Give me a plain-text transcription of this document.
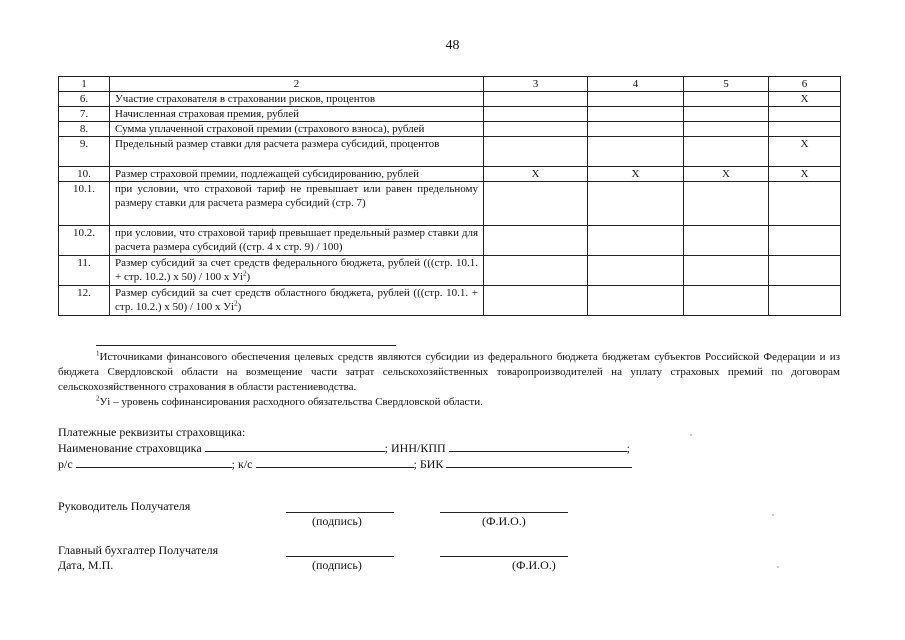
48
1	2	3	4	5	6
6.	Участие страхователя в страховании рисков, процентов				X
7.	Начисленная страховая премия, рублей				
8.	Сумма уплаченной страховой премии (страхового взноса), рублей				
9.	Предельный размер ставки для расчета размера субсидий, процентов				X
10.	Размер страховой премии, подлежащей субсидированию, рублей	X	X	X	X
10.1.	при условии, что страховой тариф не превышает или равен предельному размеру ставки для расчета размера субсидий (стр. 7)				
10.2.	при условии, что страховой тариф превышает предельный размер ставки для расчета размера субсидий ((стр. 4 х стр. 9) / 100)				
11.	Размер субсидий за счет средств федерального бюджета, рублей (((стр. 10.1. + стр. 10.2.) х 50) / 100 х $Уi^2$)				
12.	Размер субсидий за счет средств областного бюджета, рублей (((стр. 10.1. + стр. 10.2.) х 50) / 100 х $Уi^2$)				

$^1$Источниками финансового обеспечения целевых средств являются субсидии из федерального бюджета бюджетам субъектов Российской Федерации и из бюджета Свердловской области на возмещение части затрат сельскохозяйственных товаропроизводителей на уплату страховых премий по договорам сельскохозяйственного страхования в области растениеводства.

$^2$Уi – уровень софинансирования расходного обязательства Свердловской области.

Платежные реквизиты страховщика:
Наименование страховщика	; ИНН/КПП	;
р/с	; к/с	; БИК
Руководитель Получателя
(подпись)	(Ф.И.О.)
Главный бухгалтер Получателя
Дата, М.П.	(подпись)	(Ф.И.О.)
